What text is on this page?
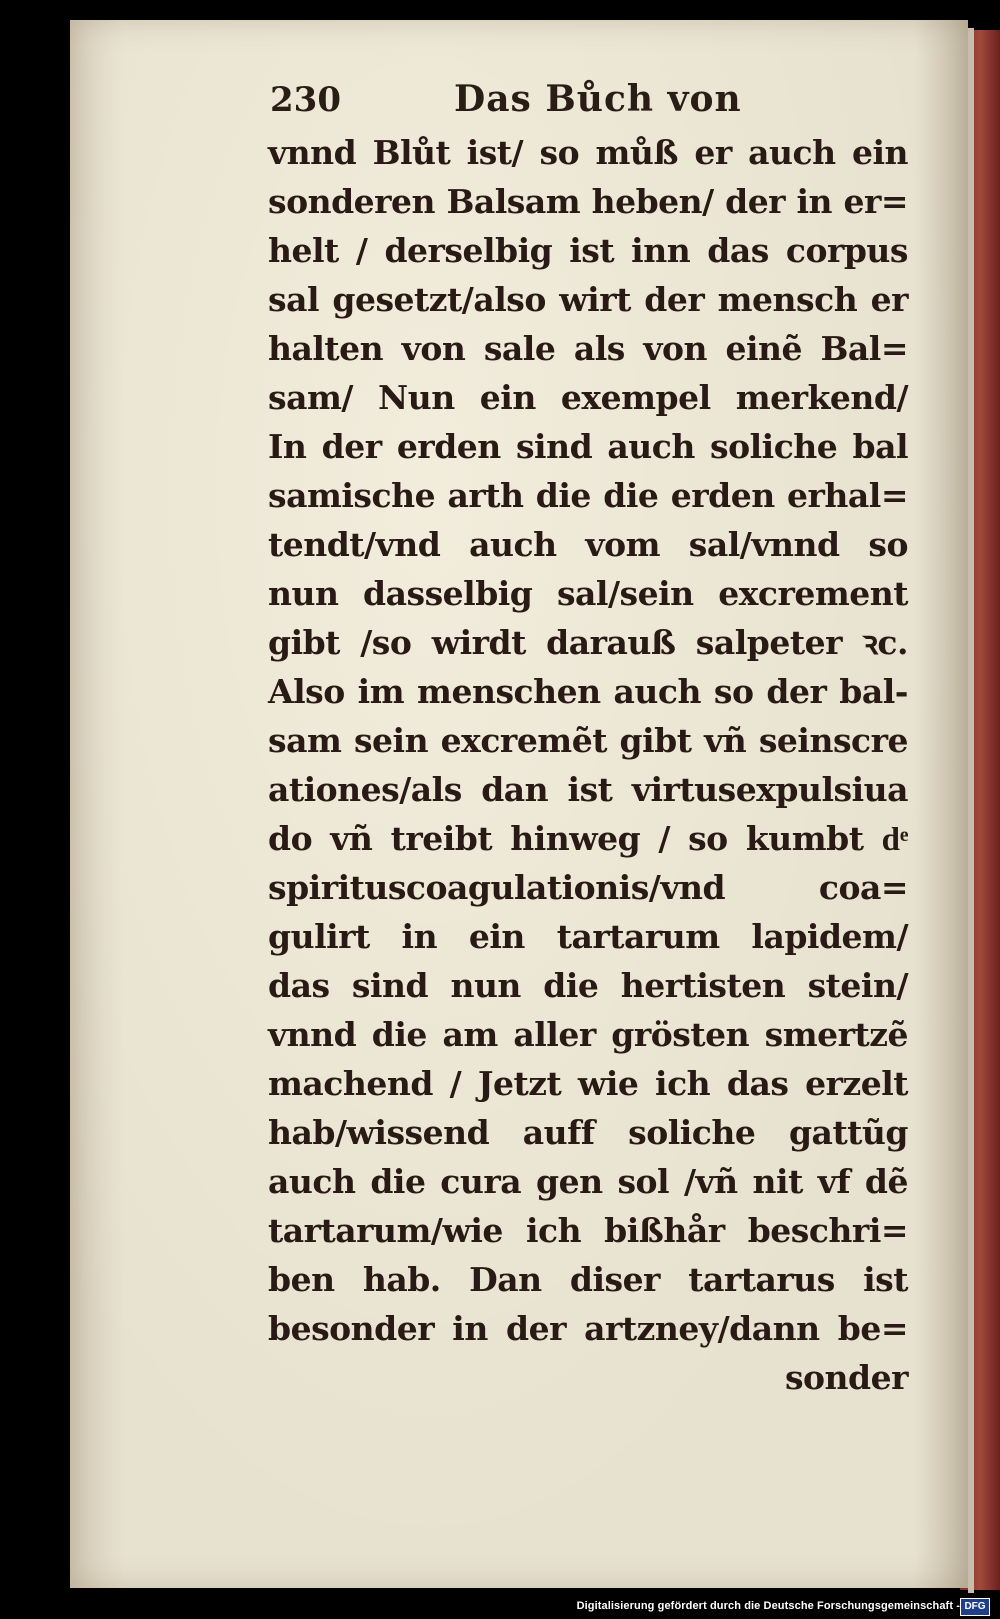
230	Das Bůch von
vnnd Blůt ist/ so můß er auch ein
sonderen Balsam heben/ der in er=
helt / derselbig ist inn das corpus
sal gesetzt/also wirt der mensch er
halten von sale als von einẽ Bal=
sam/ Nun ein exempel merkend/
In der erden sind auch soliche bal
samische arth die die erden erhal=
tendt/vnd auch vom sal/vnnd so
nun dasselbig sal/sein excrement
gibt /so wirdt darauß salpeter ꝛc.
Also im menschen auch so der bal-
sam sein excremẽt gibt vñ seinscre
ationes/als dan ist virtusexpulsiua
do vñ treibt hinweg / so kumbt dͤ
spirituscoagulationis/vnd coa=
gulirt in ein tartarum lapidem/
das sind nun die hertisten stein/
vnnd die am aller grösten smertzẽ
machend / Jetzt wie ich das erzelt
hab/wissend auff soliche gattũg
auch die cura gen sol /vñ nit vf dẽ
tartarum/wie ich bißhår beschri=
ben hab. Dan diser tartarus ist
besonder in der artzney/dann be=
sonder
Digitalisierung gefördert durch die Deutsche Forschungsgemeinschaft - DFG
